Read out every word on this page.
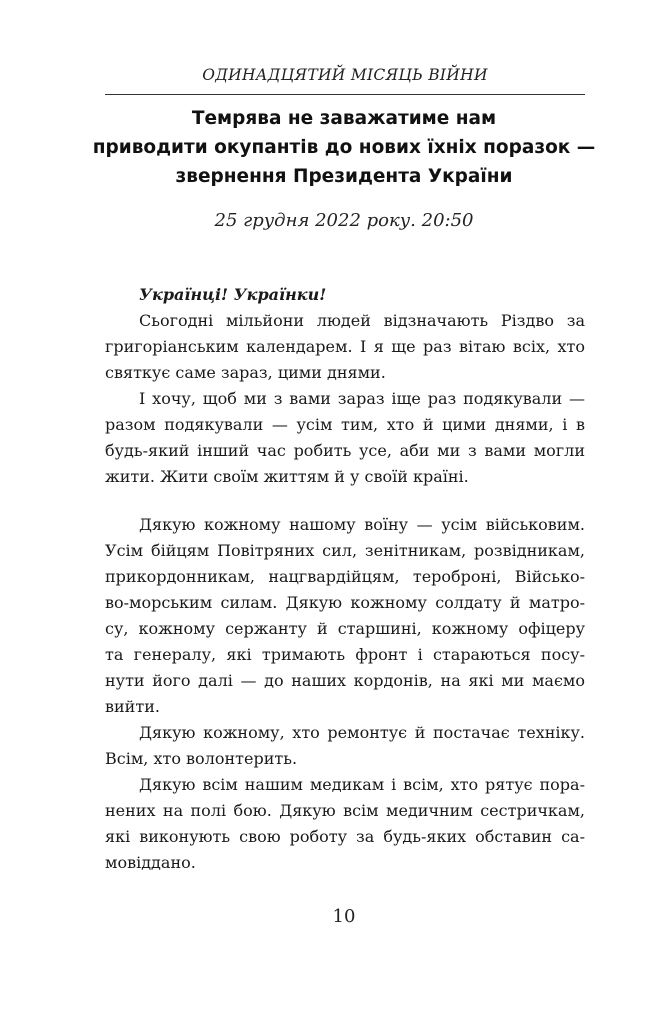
ОДИНАДЦЯТИЙ МІСЯЦЬ ВІЙНИ
Темрява не заважатиме нам
приводити окупантів до нових їхніх поразок —
звернення Президента України
25 грудня 2022 року. 20:50
Українці! Українки!
Сьогодні мільйони людей відзначають Різдво за
григоріанським календарем. І я ще раз вітаю всіх, хто
святкує саме зараз, цими днями.
І хочу, щоб ми з вами зараз іще раз подякували —
разом подякували — усім тим, хто й цими днями, і в
будь-який інший час робить усе, аби ми з вами могли
жити. Жити своїм життям й у своїй країні.
Дякую кожному нашому воїну — усім військовим.
Усім бійцям Повітряних сил, зенітникам, розвідникам,
прикордонникам, нацгвардійцям, тероброні, Військо-
во-морським силам. Дякую кожному солдату й матро-
су, кожному сержанту й старшині, кожному офіцеру
та генералу, які тримають фронт і стараються посу-
нути його далі — до наших кордонів, на які ми маємо
вийти.
Дякую кожному, хто ремонтує й постачає техніку.
Всім, хто волонтерить.
Дякую всім нашим медикам і всім, хто рятує пора-
нених на полі бою. Дякую всім медичним сестричкам,
які виконують свою роботу за будь-яких обставин са-
мовіддано.
10
